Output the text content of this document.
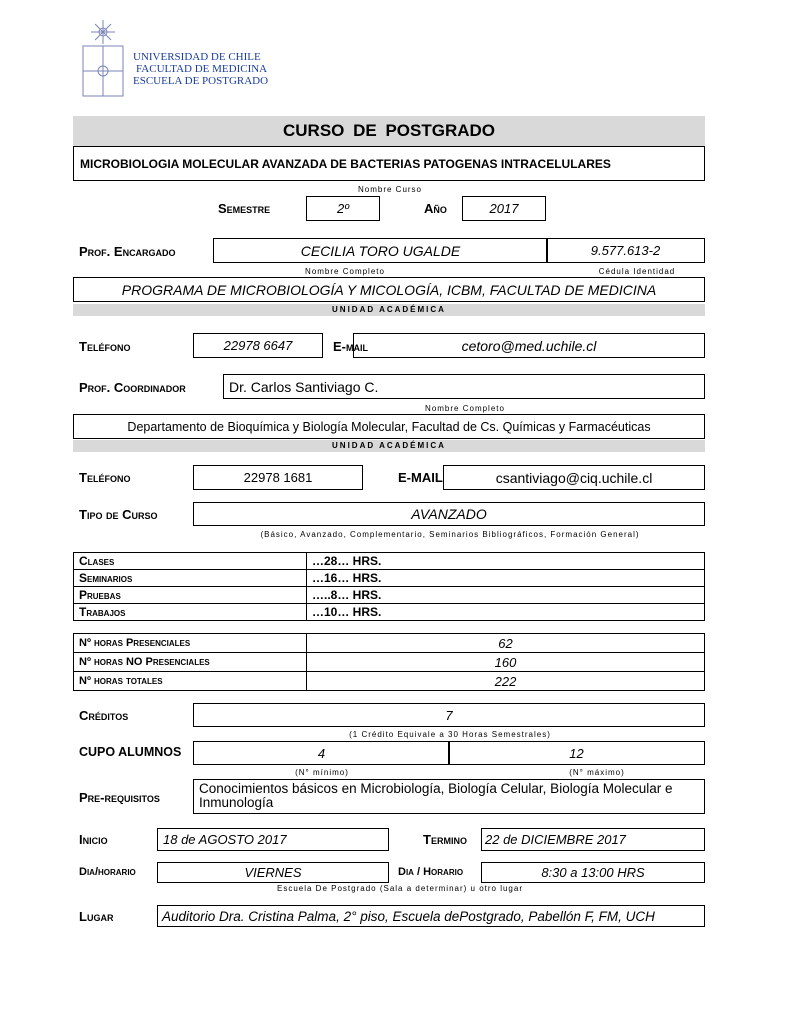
UNIVERSIDAD DE CHILE
FACULTAD DE MEDICINA
ESCUELA DE POSTGRADO
CURSO DE POSTGRADO
MICROBIOLOGIA MOLECULAR AVANZADA DE BACTERIAS PATOGENAS INTRACELULARES
Nombre Curso
Semestre	2º	Año	2017
Prof. Encargado	CECILIA TORO UGALDE	9.577.613-2
Nombre Completo	Cédula Identidad
PROGRAMA DE MICROBIOLOGÍA Y MICOLOGÍA, ICBM, FACULTAD DE MEDICINA
UNIDAD ACADÉMICA
Teléfono	22978 6647	E-mail	cetoro@med.uchile.cl
Prof. Coordinador	Dr. Carlos Santiviago C.
Nombre Completo
Departamento de Bioquímica y Biología Molecular, Facultad de Cs. Químicas y Farmacéuticas
UNIDAD ACADÉMICA
Teléfono	22978 1681	E-MAIL	csantiviago@ciq.uchile.cl
Tipo de Curso	AVANZADO
(Básico, Avanzado, Complementario, Seminarios Bibliográficos, Formación General)
Clases	…28… HRS.
Seminarios	…16… HRS.
Pruebas	…..8… HRS.
Trabajos	…10… HRS.
Nº horas Presenciales	62
Nº horas NO Presenciales	160
Nº horas totales	222
Créditos	7
(1 Crédito Equivale a 30 Horas Semestrales)
CUPO ALUMNOS	4	12
(N° mínimo)	(N° máximo)
Pre-requisitos
Conocimientos básicos en Microbiología, Biología Celular, Biología Molecular e Inmunología
Inicio	18 de AGOSTO 2017	Termino	22 de DICIEMBRE 2017
Dia/horario	VIERNES	Dia / Horario	8:30 a 13:00 HRS
Escuela De Postgrado (Sala a determinar) u otro lugar
Lugar	Auditorio Dra. Cristina Palma, 2° piso, Escuela dePostgrado, Pabellón F, FM, UCH
